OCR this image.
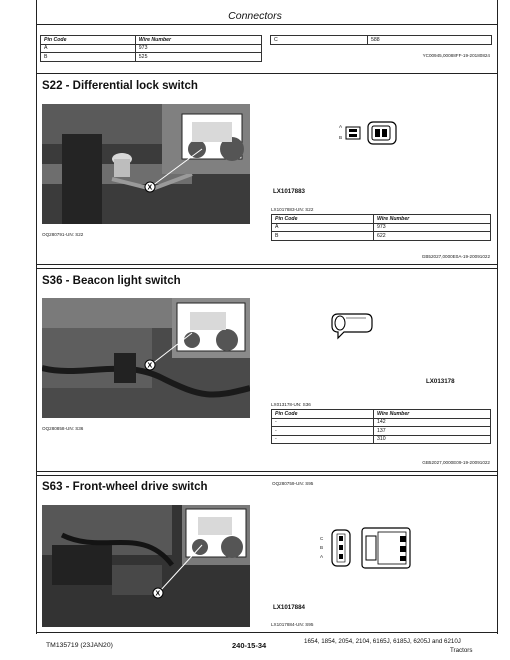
Connectors
Pin Code	Wire Number
A	973
B	525
C	588
YC00945,00088FF-19-20180824
S22 - Differential lock switch
X
OQ280791-UN: S22
A
B
LX1017883
LX1017883-UN: S22
Pin Code	Wire Number
A	973
B	622
GB52027,0000E0A-19-20091022
S36 - Beacon light switch
X
OQ280858-UN: S36
LX013178
LX013178-UN: S36
Pin Code	Wire Number
-	142
-	137
-	310
GB52027,0000E09-19-20091022
S63 - Front-wheel drive switch	OQ280759-UN: S95
X
C
B
A
LX1017884
LX1017884-UN: S95
TM135719 (23JAN20)	240-15-34	1654, 1854, 2054, 2104, 6165J, 6185J, 6205J and 6210J
Tractors
